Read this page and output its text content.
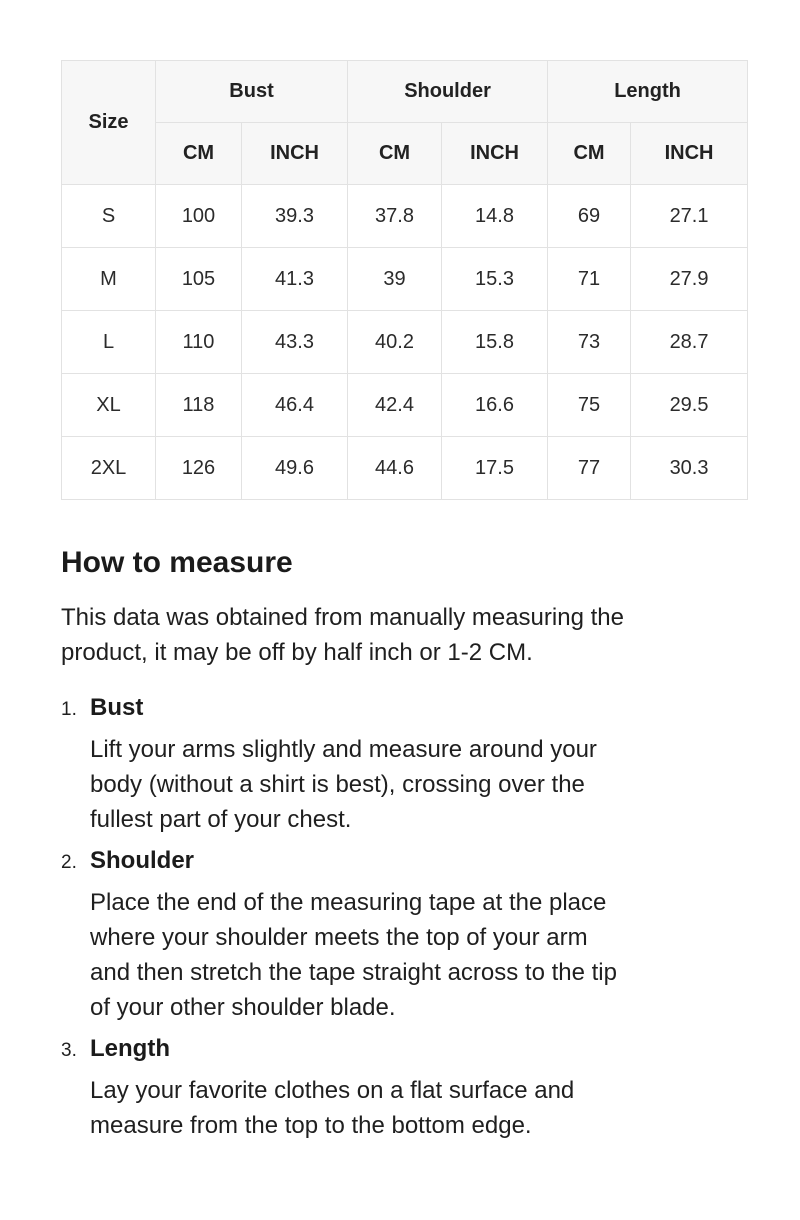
Size	Bust		Shoulder		Length	
	CM	INCH	CM	INCH	CM	INCH
S	100	39.3	37.8	14.8	69	27.1
M	105	41.3	39	15.3	71	27.9
L	110	43.3	40.2	15.8	73	28.7
XL	118	46.4	42.4	16.6	75	29.5
2XL	126	49.6	44.6	17.5	77	30.3
How to measure
This data was obtained from manually measuring the
product, it may be off by half inch or 1-2 CM.
1. Bust
Lift your arms slightly and measure around your
body (without a shirt is best), crossing over the
fullest part of your chest.
2. Shoulder
Place the end of the measuring tape at the place
where your shoulder meets the top of your arm
and then stretch the tape straight across to the tip
of your other shoulder blade.
3. Length
Lay your favorite clothes on a flat surface and
measure from the top to the bottom edge.
